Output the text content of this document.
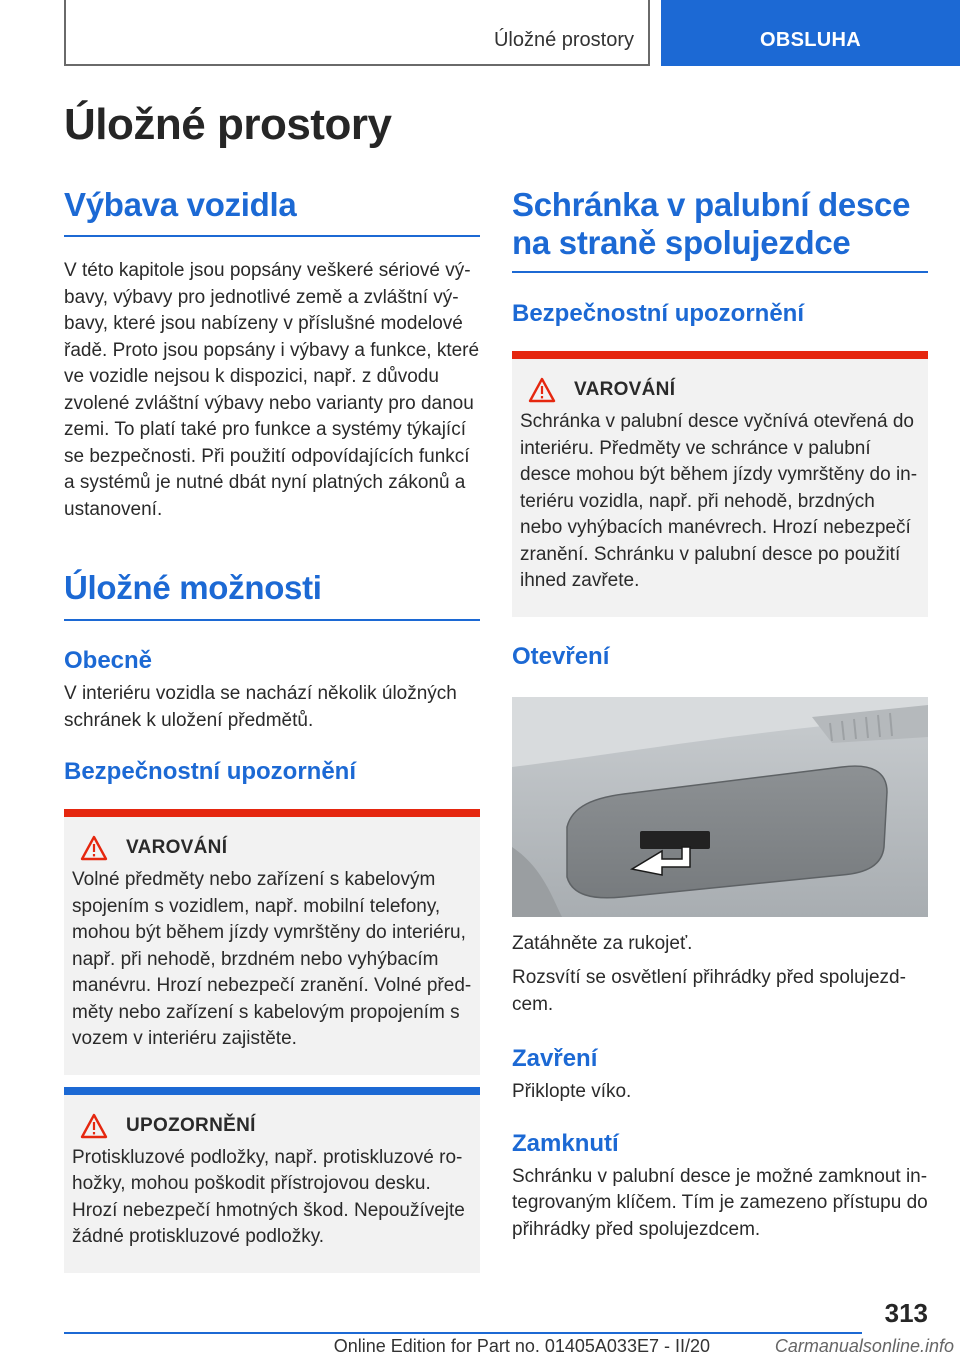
Úložné prostory	OBSLUHA
Úložné prostory
Výbava vozidla

V této kapitole jsou popsány veškeré sériové výbavy, výbavy pro jednotlivé země a zvláštní výbavy, které jsou nabízeny v příslušné modelové řadě. Proto jsou popsány i výbavy a funkce, které ve vozidle nejsou k dispozici, např. z důvodu zvolené zvláštní výbavy nebo varianty pro danou zemi. To platí také pro funkce a systémy týkající se bezpečnosti. Při použití odpovídajících funkcí a systémů je nutné dbát nyní platných zákonů a ustanovení.

Úložné možnosti
Obecně

V interiéru vozidla se nachází několik úložných schránek k uložení předmětů.

Bezpečnostní upozornění
VAROVÁNÍ

Volné předměty nebo zařízení s kabelovým spojením s vozidlem, např. mobilní telefony, mohou být během jízdy vymrštěny do interiéru, např. při nehodě, brzdném nebo vyhýbacím manévru. Hrozí nebezpečí zranění. Volné předměty nebo zařízení s kabelovým propojením s vozem v interiéru zajistěte.

UPOZORNĚNÍ

Protiskluzové podložky, např. protiskluzové rohožky, mohou poškodit přístrojovou desku. Hrozí nebezpečí hmotných škod. Nepoužívejte žádné protiskluzové podložky.

Schránka v palubní desce na straně spolujezdce
Bezpečnostní upozornění
VAROVÁNÍ

Schránka v palubní desce vyčnívá otevřená do interiéru. Předměty ve schránce v palubní desce mohou být během jízdy vymrštěny do interiéru vozidla, např. při nehodě, brzdných nebo vyhýbacích manévrech. Hrozí nebezpečí zranění. Schránku v palubní desce po použití ihned zavřete.

Otevření

Zatáhněte za rukojeť.

Rozsvítí se osvětlení přihrádky před spolujezdcem.

Zavření

Přiklopte víko.

Zamknutí

Schránku v palubní desce je možné zamknout integrovaným klíčem. Tím je zamezeno přístupu do přihrádky před spolujezdcem.

313
Online Edition for Part no. 01405A033E7 - II/20	Carmanualsonline.info
